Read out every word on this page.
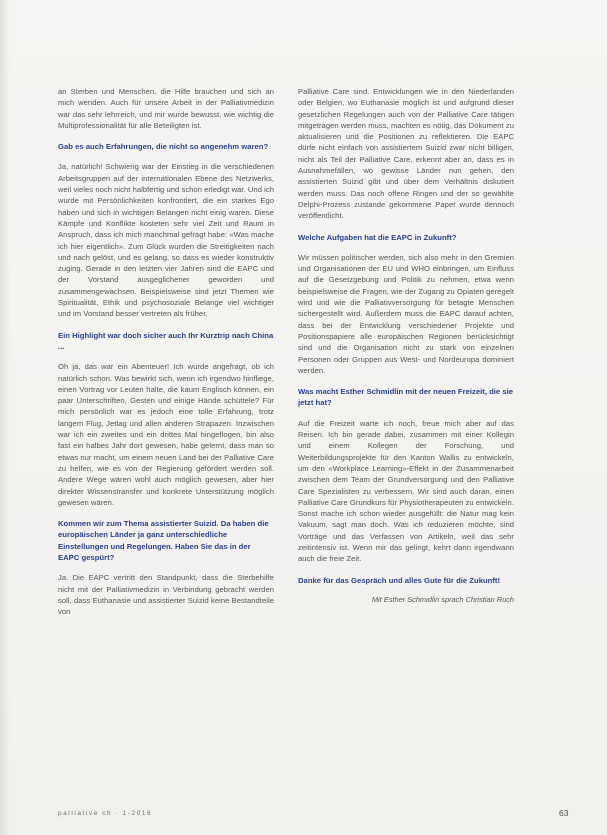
an Sterben und Menschen, die Hilfe brauchen und sich an mich wenden. Auch für unsere Arbeit in der Palliativmedizin war das sehr lehrreich, und mir wurde bewusst, wie wichtig die Multiprofessionalität für alle Beteiligten ist.
Gab es auch Erfahrungen, die nicht so angenehm waren?
Ja, natürlich! Schwierig war der Einstieg in die verschiedenen Arbeitsgruppen auf der internationalen Ebene des Netzwerks, weil vieles noch nicht halbfertig und schon erledigt war. Und ich wurde mit Persönlichkeiten konfrontiert, die ein starkes Ego haben und sich in wichtigen Belangen nicht einig waren. Diese Kämpfe und Konflikte kosteten sehr viel Zeit und Raum in Anspruch, dass ich mich manchmal gefragt habe: «Was mache ich hier eigentlich». Zum Glück wurden die Streitigkeiten nach und nach gelöst, und es gelang, so dass es wieder konstruktiv zuging. Gerade in den letzten vier Jahren sind die EAPC und der Vorstand ausgeglichener geworden und zusammengewachsen. Beispielsweise sind jetzt Themen wie Spiritualität, Ethik und psychosoziale Belange viel wichtiger und im Vorstand besser vertreten als früher.
Ein Highlight war doch sicher auch Ihr Kurztrip nach China ...
Oh ja, das war ein Abenteuer! Ich wurde angefragt, ob ich natürlich schon. Was bewirkt sich, wenn ich irgendwo hinfliege, einen Vortrag vor Leuten halte, die kaum Englisch können, ein paar Unterschriften, Gesten und einige Hände schüttele? Für mich persönlich war es jedoch eine tolle Erfahrung, trotz langem Flug, Jetlag und allen anderen Strapazen. Inzwischen war ich ein zweites und ein drittes Mal hingeflogen, bin also fast ein halbes Jahr dort gewesen, habe gelernt, dass man so etwas nur macht, um einem neuen Land bei der Palliative Care zu helfen, wie es von der Regierung gefördert werden soll. Andere Wege wären wohl auch möglich gewesen, aber hier direkter Wissenstransfer und konkrete Unterstützung möglich gewesen wären.
Kommen wir zum Thema assistierter Suizid. Da haben die europäischen Länder ja ganz unterschiedliche Einstellungen und Regelungen. Haben Sie das in der EAPC gespürt?
Ja. Die EAPC vertritt den Standpunkt, dass die Sterbehilfe nicht mit der Palliativmedizin in Verbindung gebracht werden soll, dass Euthanasie und assistierter Suizid keine Bestandteile von
Palliative Care sind. Entwicklungen wie in den Niederlanden oder Belgien, wo Euthanasie möglich ist und aufgrund dieser gesetzlichen Regelungen auch von der Palliative Care tätigen mitgetragen werden muss, machten es nötig, das Dokument zu aktualisieren und die Positionen zu reflektieren. Die EAPC dürfe nicht einfach von assistiertem Suizid zwar nicht billigen, nicht als Teil der Palliative Care, erkennt aber an, dass es in Ausnahmefällen, wo gewisse Länder nun gehen, den assistierten Suizid gibt und über dem Verhältnis diskutiert werden muss. Das noch offene Ringen und der so gewählte Delphi-Prozess zustande gekommene Paper wurde dennoch veröffentlicht.
Welche Aufgaben hat die EAPC in Zukunft?
Wir müssen politischer werden, sich also mehr in den Gremien und Organisationen der EU und WHO einbringen, um Einfluss auf die Gesetzgebung und Politik zu nehmen, etwa wenn beispielsweise die Fragen, wie der Zugang zu Opiaten geregelt wird und wie die Palliativversorgung für betagte Menschen sichergestellt wird. Außerdem muss die EAPC darauf achten, dass bei der Entwicklung verschiedener Projekte und Positionspapiere alle europäischen Regionen berücksichtigt sind und die Organisation nicht zu stark von einzelnen Personen oder Gruppen aus West- und Nordeuropa dominiert werden.
Was macht Esther Schmidlin mit der neuen Freizeit, die sie jetzt hat?
Auf die Freizeit warte ich noch, freue mich aber auf das Reisen. Ich bin gerade dabei, zusammen mit einer Kollegin und einem Kollegen der Forschung, und Weiterbildungsprojekte für den Kanton Wallis zu entwickeln, um den «Workplace Learning»-Effekt in der Zusammenarbeit zwischen dem Team der Grundversorgung und den Palliative Care Spezialisten zu verbessern. Wir sind auch daran, einen Palliative Care Grundkurs für Physiotherapeuten zu entwickeln. Sonst mache ich schon wieder ausgefüllt: die Natur mag kein Vakuum, sagt man doch. Was ich reduzieren möchte, sind Vorträge und das Verfassen von Artikeln, weil das sehr zeitintensiv ist. Wenn mir das gelingt, kehrt dann irgendwann auch die freie Zeit.
Danke für das Gespräch und alles Gute für die Zukunft!
Mit Esther Schmidlin sprach Christian Ruch
palliative ch · 1-2016	63
